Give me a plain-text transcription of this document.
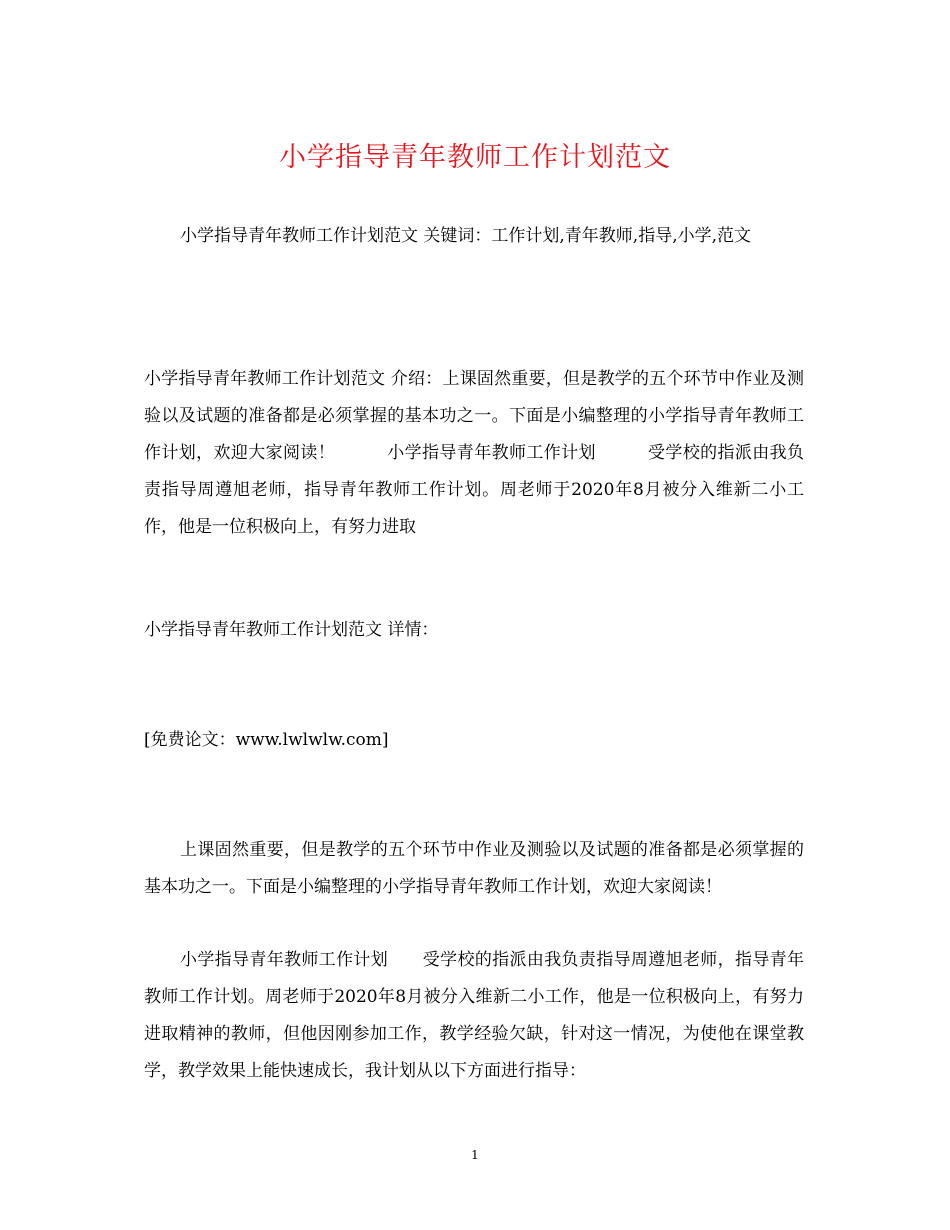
小学指导青年教师工作计划范文

小学指导青年教师工作计划范文 关键词：工作计划,青年教师,指导,小学,范文

小学指导青年教师工作计划范文 介绍：上课固然重要，但是教学的五个环节中作业及测验以及试题的准备都是必须掌握的基本功之一。下面是小编整理的小学指导青年教师工作计划，欢迎大家阅读！　　　小学指导青年教师工作计划　　　受学校的指派由我负责指导周遵旭老师，指导青年教师工作计划。周老师于2020年8月被分入维新二小工作，他是一位积极向上，有努力进取

小学指导青年教师工作计划范文 详情：

[免费论文：www.lwlwlw.com]

上课固然重要，但是教学的五个环节中作业及测验以及试题的准备都是必须掌握的基本功之一。下面是小编整理的小学指导青年教师工作计划，欢迎大家阅读！

小学指导青年教师工作计划　　受学校的指派由我负责指导周遵旭老师，指导青年教师工作计划。周老师于2020年8月被分入维新二小工作，他是一位积极向上，有努力进取精神的教师，但他因刚参加工作，教学经验欠缺，针对这一情况，为使他在课堂教学，教学效果上能快速成长，我计划从以下方面进行指导：

1
